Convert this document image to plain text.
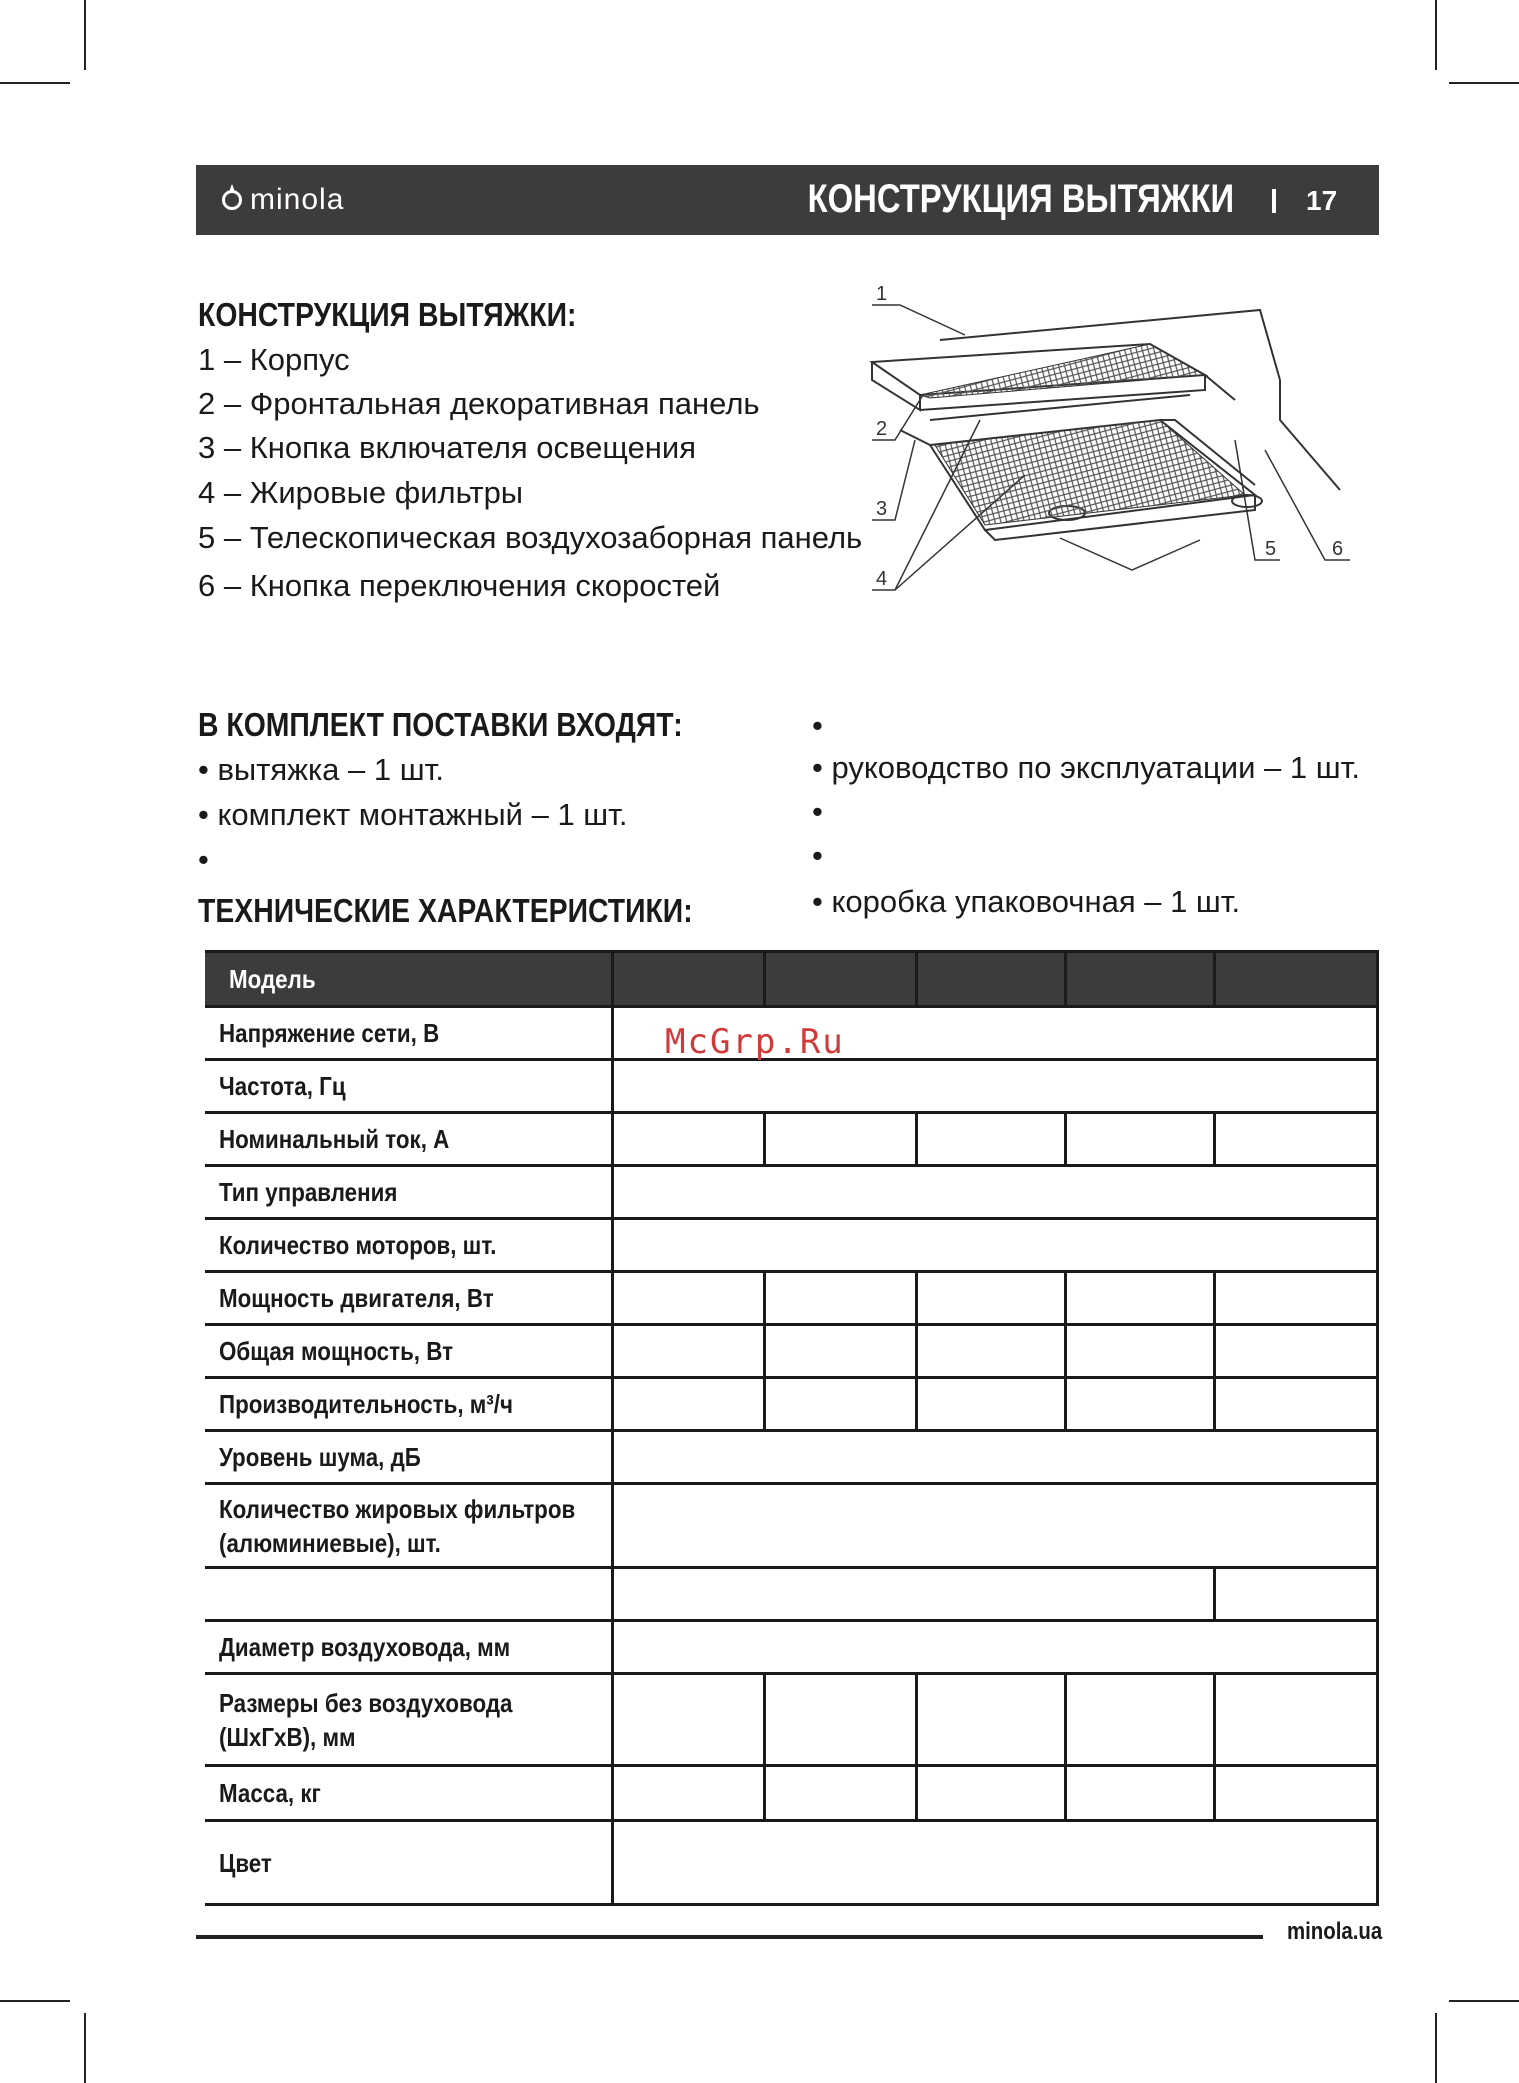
minola	КОНСТРУКЦИЯ ВЫТЯЖКИ	17
КОНСТРУКЦИЯ ВЫТЯЖКИ:
1 – Корпус
2 – Фронтальная декоративная панель
3 – Кнопка включателя освещения
4 – Жировые фильтры
5 – Телескопическая воздухозаборная панель
6 – Кнопка переключения скоростей
1
2
3
4
5	6
В КОМПЛЕКТ ПОСТАВКИ ВХОДЯТ:
• вытяжка – 1 шт.
• комплект монтажный – 1 шт.
•
•
• руководство по эксплуатации – 1 шт.
•
•
• коробка упаковочная – 1 шт.
ТЕХНИЧЕСКИЕ ХАРАКТЕРИСТИКИ:
Модель					
Напряжение сети, В					
Частота, Гц					
Номинальный ток, А					
Тип управления					
Количество моторов, шт.					
Мощность двигателя, Вт					
Общая мощность, Вт					
Производительность, м³/ч					
Уровень шума, дБ					
Количество жировых фильтров
(алюминиевые), шт.					

Диаметр воздуховода, мм					
Размеры без воздуховода
(ШхГхВ), мм					
Масса, кг					
Цвет					
McGrp.Ru
minola.ua
